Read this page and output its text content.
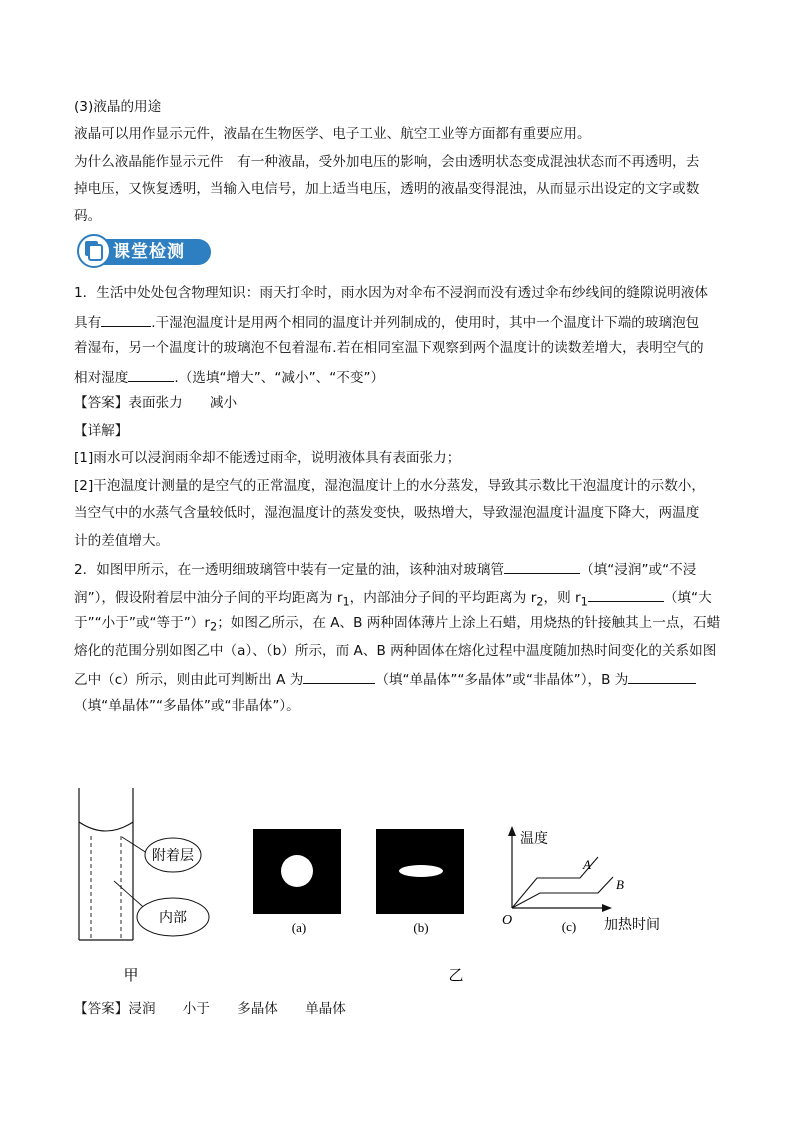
(3)液晶的用途
液晶可以用作显示元件，液晶在生物医学、电子工业、航空工业等方面都有重要应用。
为什么液晶能作显示元件　有一种液晶，受外加电压的影响，会由透明状态变成混浊状态而不再透明，去
掉电压，又恢复透明，当输入电信号，加上适当电压，透明的液晶变得混浊，从而显示出设定的文字或数
码。
课堂检测
1．生活中处处包含物理知识：雨天打伞时，雨水因为对伞布不浸润而没有透过伞布纱线间的缝隙说明液体
具有	.干湿泡温度计是用两个相同的温度计并列制成的，使用时，其中一个温度计下端的玻璃泡包
着湿布，另一个温度计的玻璃泡不包着湿布.若在相同室温下观察到两个温度计的读数差增大，表明空气的
相对湿度	.（选填“增大”、“减小”、“不变”）
【答案】表面张力　　减小
【详解】
[1]雨水可以浸润雨伞却不能透过雨伞，说明液体具有表面张力；
[2]干泡温度计测量的是空气的正常温度，湿泡温度计上的水分蒸发，导致其示数比干泡温度计的示数小，
当空气中的水蒸气含量较低时，湿泡温度计的蒸发变快，吸热增大，导致湿泡温度计温度下降大，两温度
计的差值增大。
2．如图甲所示，在一透明细玻璃管中装有一定量的油，该种油对玻璃管	（填“浸润”或“不浸
润”），假设附着层中油分子间的平均距离为 $r_1$，内部油分子间的平均距离为 $r_2$，则 $r_1$	（填“大
于”“小于”或“等于$”)r_2$；如图乙所示，在 A、B 两种固体薄片上涂上石蜡，用烧热的针接触其上一点，石蜡
熔化的范围分别如图乙中（a）、（b）所示，而 A、B 两种固体在熔化过程中温度随加热时间变化的关系如图
乙中（c）所示，则由此可判断出 A 为	（填“单晶体”“多晶体”或“非晶体”），B 为
（填“单晶体”“多晶体”或“非晶体”）。
附着层
内部
(a)	(b)
温度
加热时间
O
A
B
(c)
甲	乙
【答案】浸润　　小于　　多晶体　　单晶体
